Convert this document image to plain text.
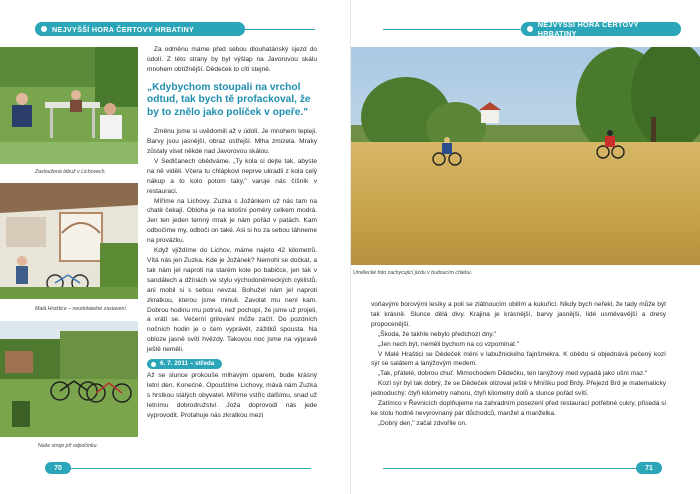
NEJVYŠŠÍ HORA ČERTOVY HRBATINY
Zasloužená lábuž v Lichovech.
Malá Hraštice – neodolatelné zastavení.
Naše stroje při odpočinku.

Za odměnu máme před sebou dlouhatánský sjezd do údolí. Z této strany by byl výšlap na Javorovou skálu mnohem obtížnější. Dědeček to cítí stejně.

„Kdybychom stoupali na vrchol odtud, tak bych tě profackoval, že by to znělo jako políček v opeře."

Změnu jsme si uvědomili až v údolí. Je mnohem tepleji. Barvy jsou jasnější, obraz ostřejší. Mlha zmizela. Mraky zůstaly viset někde nad Javorovou skálou.

V Sedlčanech obědváme. „Ty kola si dejte tak, abyste na ně viděli. Včera tu chlápkovi neprve ukradli z kola celý nákup a to kolo potom taky," varuje nás číšník v restauraci.

Míříme na Lichovy. Zuzka s Jožánkem už nás tam na chatě čekají. Obloha je na letošní poměry celkem modrá. Jen ten jeden temný mrak je nám pořád v patách. Kam odbočíme my, odbočí on také. Asi si ho za sebou táhneme na provázku.

Když vjíždíme do Lichov, máme najeto 42 kilometrů. Vítá nás jen Zuzka. Kde je Jožánek? Nemohl se dočkat, a tak nám jel naproti na starém kole po babičce, jen tak v sandálech a džínách ve stylu východoněmeckých cyklistů, ani mobil si s sebou nevzal. Bohužel nám jel naproti zkratkou, kterou jsme minuli. Zavolat mu není kam. Dobrou hodinu mu potrvá, než pochopí, že jsme už projeli, a vrátí se. Večerní grilování může začít. Do pozdních nočních hodin je o čem vyprávět, zážitků spousta. Na obloze jasně svítí hvězdy. Takovou noc jsme na výpravě ještě neměli.

6. 7. 2011 – středa

Až se slunce prokouše mlhavým oparem, bude krásný letní den. Konečně. Opouštíme Lichovy, mává nám Zuzka s hrstkou stálých obyvatel. Míříme vstříc dalšímu, snad už letnímu dobrodružství. Joža doprovodí nás jede vyprovodit. Protahuje nás zkratkou mezi

70
NEJVYŠŠÍ HORA ČERTOVY HRBATINY
Umělecké foto zachycující jízdu v budoucím chlebu.

voňavými borovými lesíky a poli se zlátnoucím obilím a kukuřicí. Nikdy bych neřekl, že tady může být tak krásně. Slunce dělá divy. Krajina je krásnější, barvy jasnější, lidé usměvavější a dresy propocenější.

„Škoda, že takhle nebylo předchozí dny."

„Jen nech být, neměli bychom na co vzpomínat."

V Malé Hraštici se Dědeček mění v labužnického fajnšmekra. K obědu si objednává pečený kozí sýr se salátem a lanýžovým medem.

„Tak, přátelé, dobrou chuť. Mimochodem Dědečku, ten lanýžový med vypadá jako ušní maz."

Kozí sýr byl tak dobrý, že se Dědeček olizoval ještě v Mníšku pod Brdy. Přejezd Brd je matematicky jednoduchý: čtyři kilometry nahoru, čtyři kilometry dolů a slunce pořád svítí.

Zatímco v Řevnicích doplňujeme na zahradním posezení před restaurací potřebné cukry, přisedá si ke stolu hodně nevyrovnaný pár důchodců, manžel a manželka.

„Dobrý den," začal zdvořile on.

71
